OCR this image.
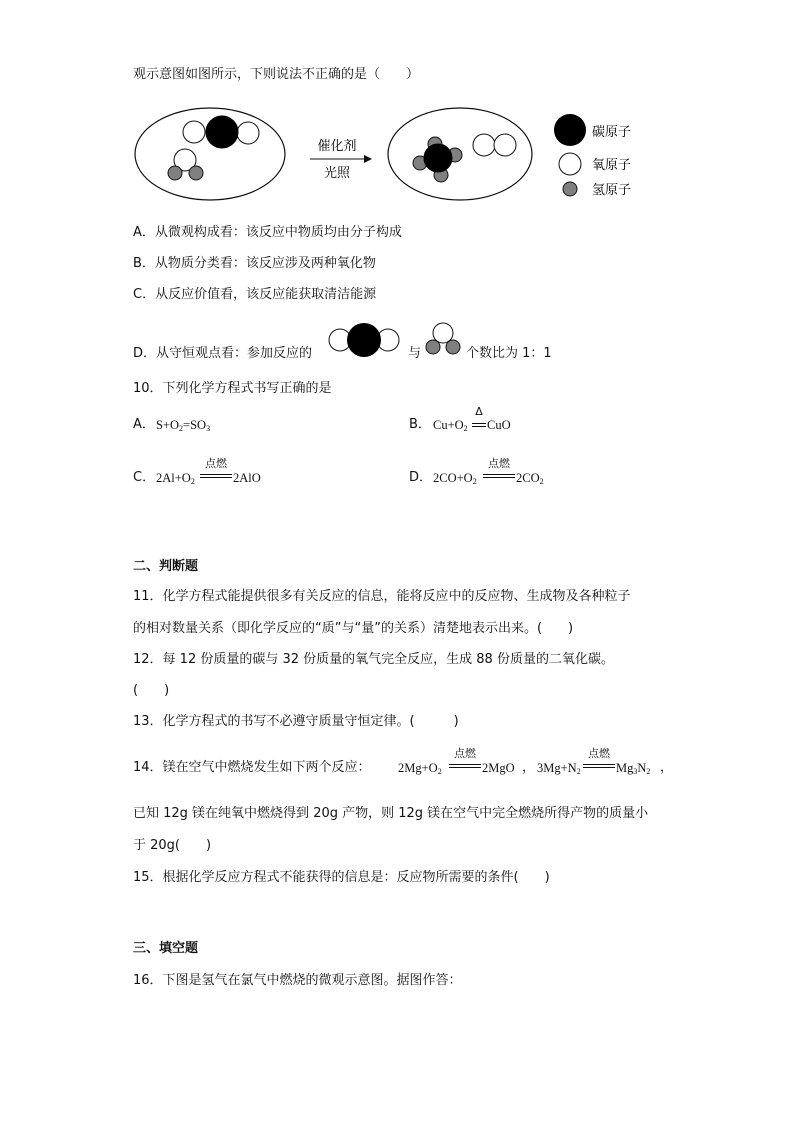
观示意图如图所示，下则说法不正确的是（　　）
催化剂
光照
碳原子
氧原子
氢原子
A．从微观构成看：该反应中物质均由分子构成
B．从物质分类看：该反应涉及两种氧化物
C．从反应价值看，该反应能获取清洁能源
D．从守恒观点看：参加反应的	与	个数比为 1：1
10．下列化学方程式书写正确的是
A． $S+O_2=SO_3$	B． $Cu+O_2$
Δ
CuO
C． $2Al+O_2$
点燃
2AlO	D． $2CO+O_2$
点燃
$2CO_2$
二、判断题
11．化学方程式能提供很多有关反应的信息，能将反应中的反应物、生成物及各种粒子
的相对数量关系（即化学反应的“质”与“量”的关系）清楚地表示出来。(　　)
12．每 12 份质量的碳与 32 份质量的氧气完全反应，生成 88 份质量的二氧化碳。
(　　)
13．化学方程式的书写不必遵守质量守恒定律。(　　　)
14．镁在空气中燃烧发生如下两个反应： $2Mg+O_2$
点燃
2MgO ， $3Mg+N_2$
点燃
$Mg_3N_2$ ，
已知 12g 镁在纯氧中燃烧得到 20g 产物，则 12g 镁在空气中完全燃烧所得产物的质量小
于 20g(　　)
15．根据化学反应方程式不能获得的信息是：反应物所需要的条件(　　)
三、填空题
16．下图是氢气在氯气中燃烧的微观示意图。据图作答：
